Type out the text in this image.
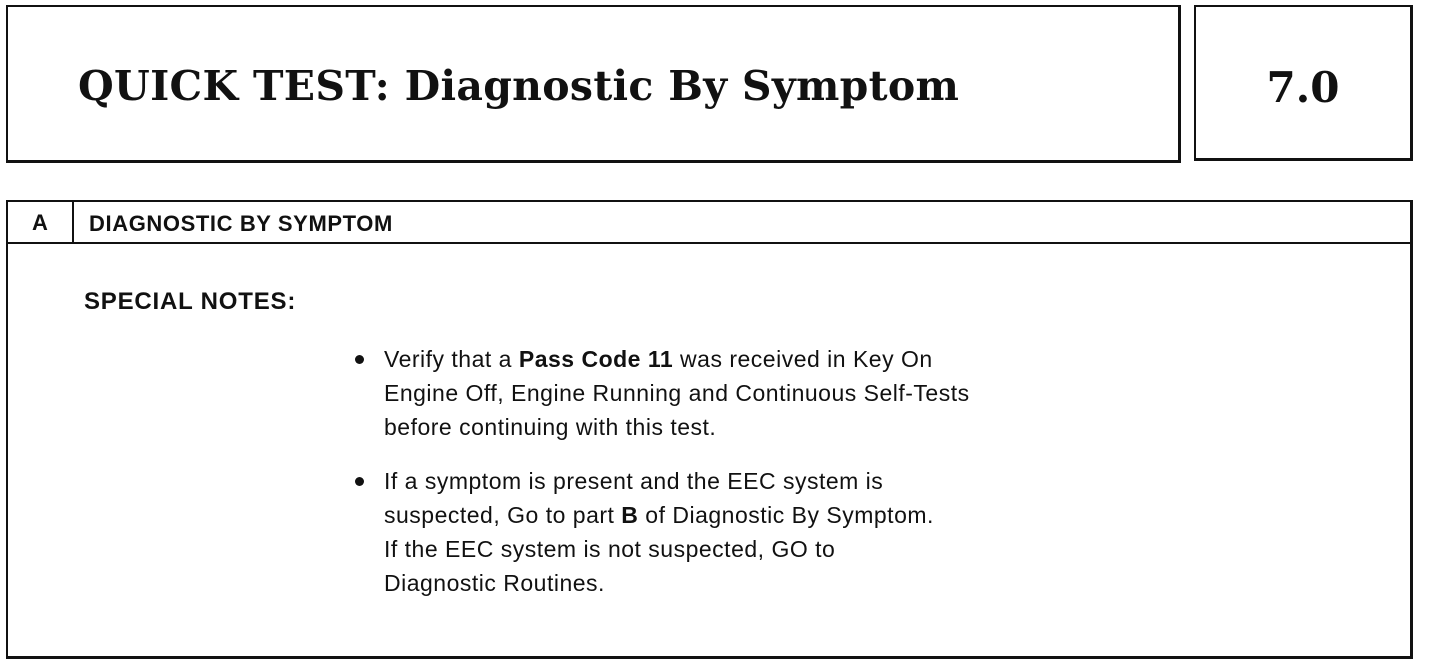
QUICK TEST: Diagnostic By Symptom	7.0
A	DIAGNOSTIC BY SYMPTOM
SPECIAL NOTES:
Verify that a Pass Code 11 was received in Key On
Engine Off, Engine Running and Continuous Self-Tests
before continuing with this test.
If a symptom is present and the EEC system is
suspected, Go to part B of Diagnostic By Symptom.
If the EEC system is not suspected, GO to
Diagnostic Routines.
